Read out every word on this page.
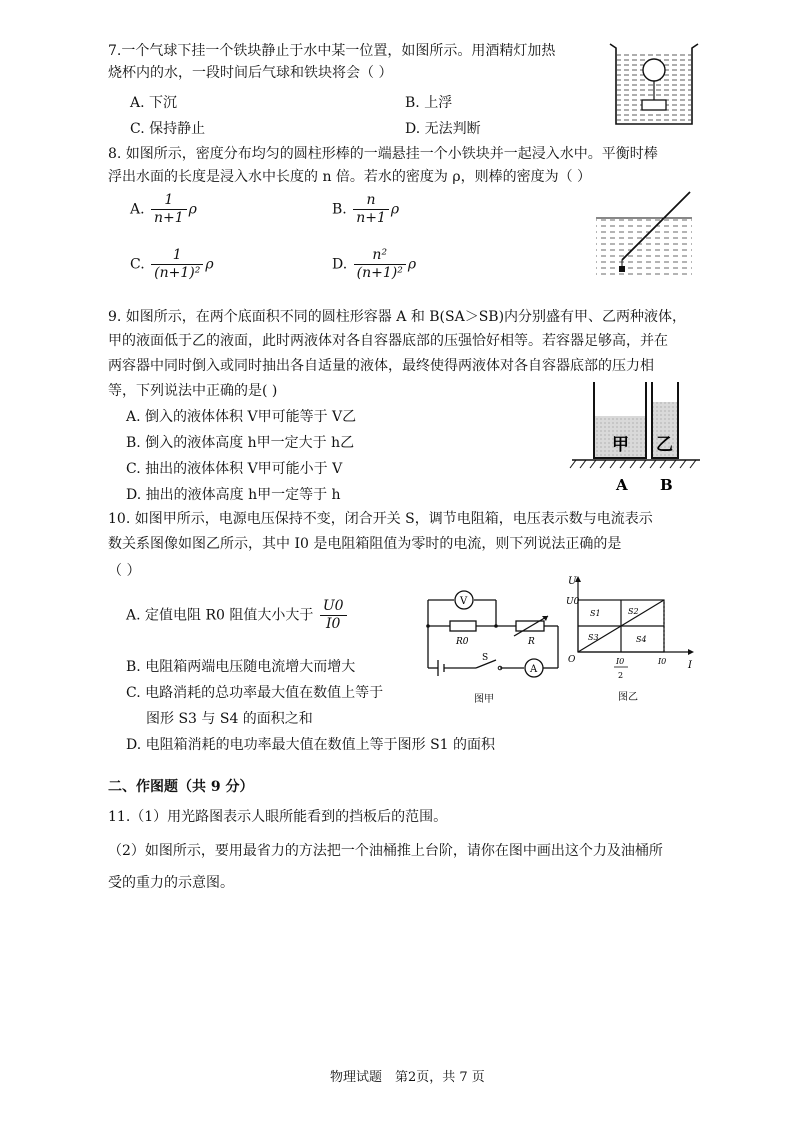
7.一个气球下挂一个铁块静止于水中某一位置，如图所示。用酒精灯加热
烧杯内的水，一段时间后气球和铁块将会（ ）
A. 下沉	B. 上浮
C. 保持静止	D. 无法判断
8. 如图所示，密度分布均匀的圆柱形棒的一端悬挂一个小铁块并一起浸入水中。平衡时棒
浮出水面的长度是浸入水中长度的 n 倍。若水的密度为 ρ，则棒的密度为（ ）
A. $\frac{1}{n+1}$ ρ	B. $\frac{n}{n+1}$ ρ
C. $\frac{1}{\text{(n+1)²}}$ ρ	D. $\frac{\text{n²}}{\text{(n+1)²}}$ ρ
9. 如图所示，在两个底面积不同的圆柱形容器 A 和 B(SA＞SB)内分别盛有甲、乙两种液体，
甲的液面低于乙的液面，此时两液体对各自容器底部的压强恰好相等。若容器足够高，并在
两容器中同时倒入或同时抽出各自适量的液体，最终使得两液体对各自容器底部的压力相
等，下列说法中正确的是( )
A. 倒入的液体体积 V甲可能等于 V乙
B. 倒入的液体高度 h甲一定大于 h乙
C. 抽出的液体体积 V甲可能小于 V
D. 抽出的液体高度 h甲一定等于 h
甲 乙
A B
10. 如图甲所示，电源电压保持不变，闭合开关 S，调节电阻箱，电压表示数与电流表示
数关系图像如图乙所示，其中 I0 是电阻箱阻值为零时的电流，则下列说法正确的是
（ ）
A. 定值电阻 R0 阻值大小大于 $\frac{U0}{I0}$
B. 电阻箱两端电压随电流增大而增大
C. 电路消耗的总功率最大值在数值上等于
图形 S3 与 S4 的面积之和
D. 电阻箱消耗的电功率最大值在数值上等于图形 S1 的面积
V
A
R0	R
S
图甲
U
I
U0
O	I0
I0
2
S1	S2
S3	S4
图乙
二、作图题（共 9 分）
11.（1）用光路图表示人眼所能看到的挡板后的范围。
（2）如图所示，要用最省力的方法把一个油桶推上台阶，请你在图中画出这个力及油桶所
受的重力的示意图。
物理试题　第2页，共 7 页
